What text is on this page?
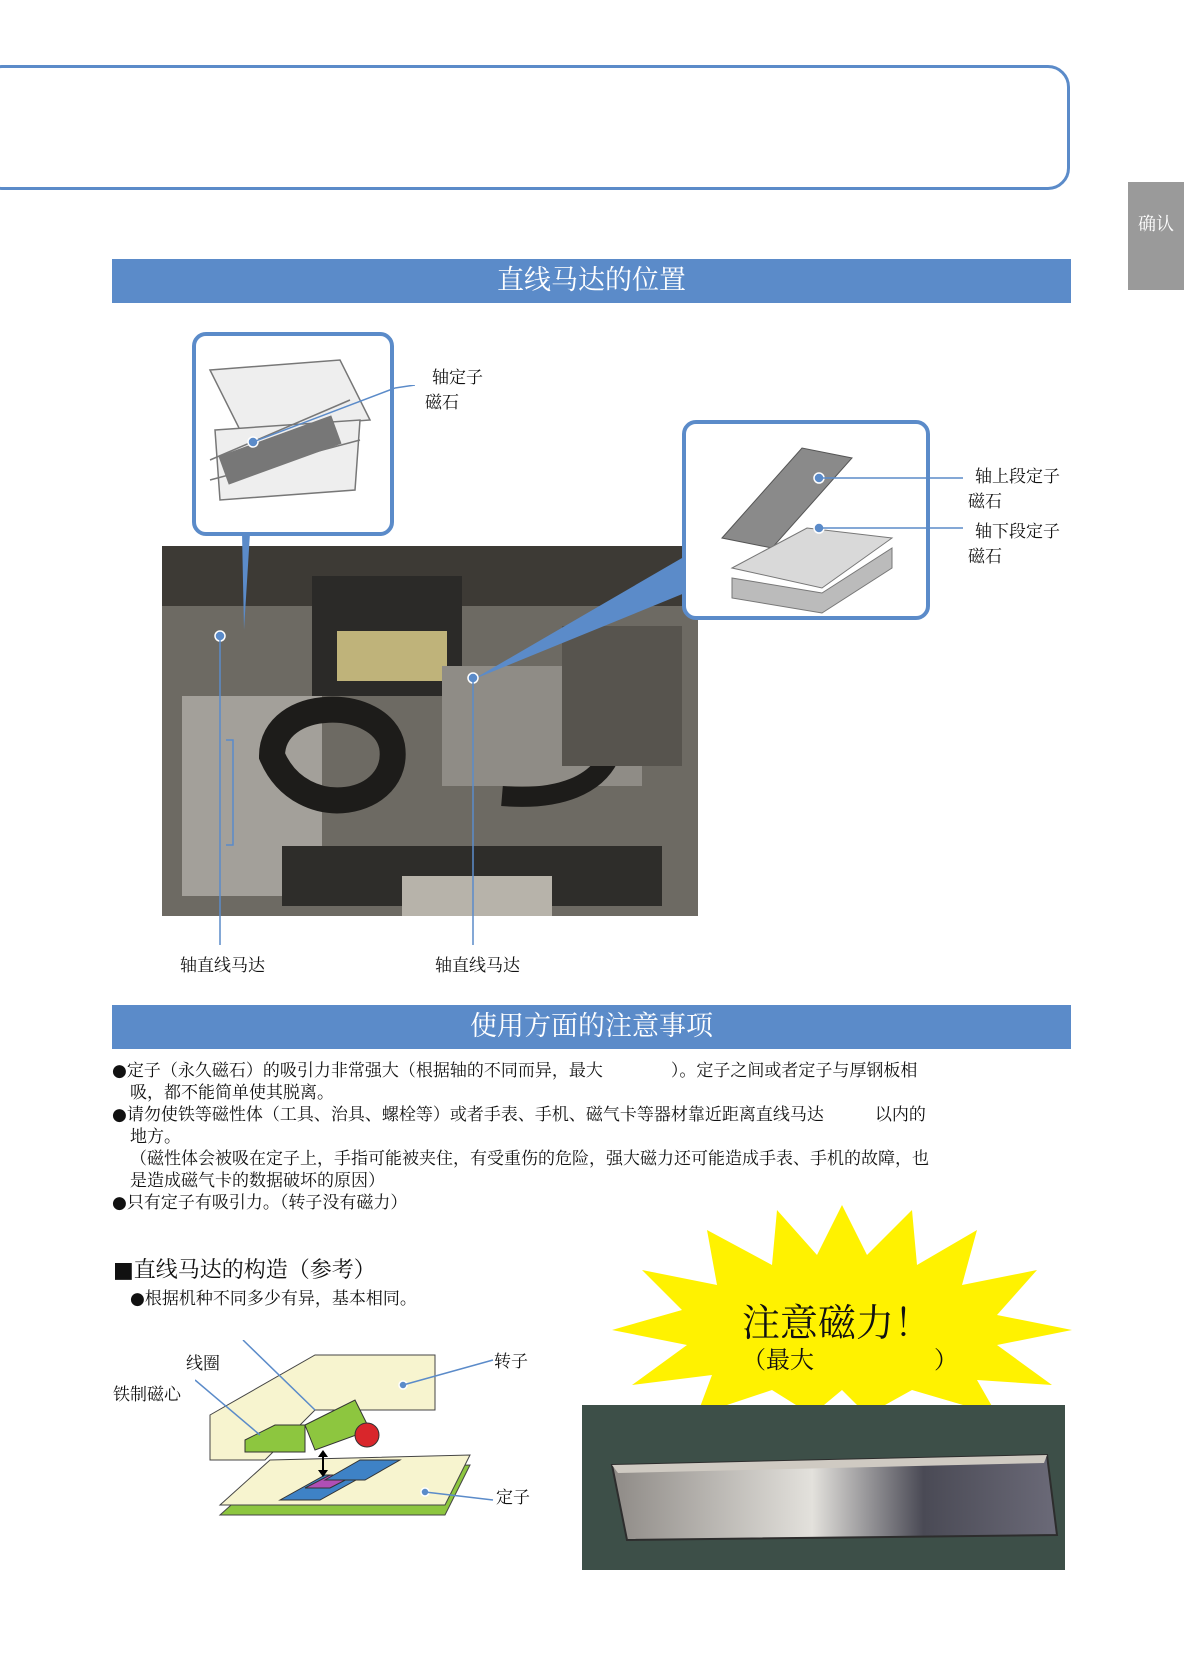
确认
直线马达的位置
轴定子
磁石
轴上段定子
磁石
轴下段定子
磁石
轴直线马达	轴直线马达
使用方面的注意事项

●定子（永久磁石）的吸引力非常强大（根据轴的不同而异，最大　　　　）。定子之间或者定子与厚钢板相

吸，都不能简单使其脱离。

●请勿使铁等磁性体（工具、治具、螺栓等）或者手表、手机、磁气卡等器材靠近距离直线马达　　　以内的

地方。

（磁性体会被吸在定子上，手指可能被夹住，有受重伤的危险，强大磁力还可能造成手表、手机的故障，也

是造成磁气卡的数据破坏的原因）

●只有定子有吸引力。（转子没有磁力）

■直线马达的构造（参考）
●根据机种不同多少有异，基本相同。
线圈
铁制磁心
转子
定子
注意磁力！
（最大　　　　　）
